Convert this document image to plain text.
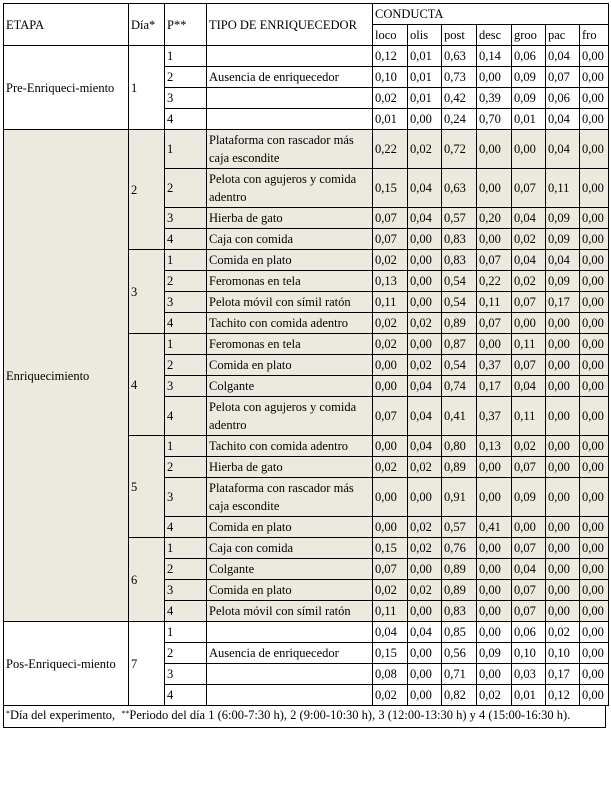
ETAPA	Día*	P**	TIPO DE ENRIQUECEDOR	CONDUCTA						
				loco	olis	post	desc	groo	pac	fro
Pre-Enriqueci-miento	1	1		0,12	0,01	0,63	0,14	0,06	0,04	0,00
		2	Ausencia de enriquecedor	0,10	0,01	0,73	0,00	0,09	0,07	0,00
		3		0,02	0,01	0,42	0,39	0,09	0,06	0,00
		4		0,01	0,00	0,24	0,70	0,01	0,04	0,00
Enriquecimiento	2	1	Plataforma con rascador más caja escondite	0,22	0,02	0,72	0,00	0,00	0,04	0,00
		2	Pelota con agujeros y comida adentro	0,15	0,04	0,63	0,00	0,07	0,11	0,00
		3	Hierba de gato	0,07	0,04	0,57	0,20	0,04	0,09	0,00
		4	Caja con comida	0,07	0,00	0,83	0,00	0,02	0,09	0,00
	3	1	Comida en plato	0,02	0,00	0,83	0,07	0,04	0,04	0,00
		2	Feromonas en tela	0,13	0,00	0,54	0,22	0,02	0,09	0,00
		3	Pelota móvil con símil ratón	0,11	0,00	0,54	0,11	0,07	0,17	0,00
		4	Tachito con comida adentro	0,02	0,02	0,89	0,07	0,00	0,00	0,00
	4	1	Feromonas en tela	0,02	0,00	0,87	0,00	0,11	0,00	0,00
		2	Comida en plato	0,00	0,02	0,54	0,37	0,07	0,00	0,00
		3	Colgante	0,00	0,04	0,74	0,17	0,04	0,00	0,00
		4	Pelota con agujeros y comida adentro	0,07	0,04	0,41	0,37	0,11	0,00	0,00
	5	1	Tachito con comida adentro	0,00	0,04	0,80	0,13	0,02	0,00	0,00
		2	Hierba de gato	0,02	0,02	0,89	0,00	0,07	0,00	0,00
		3	Plataforma con rascador más caja escondite	0,00	0,00	0,91	0,00	0,09	0,00	0,00
		4	Comida en plato	0,00	0,02	0,57	0,41	0,00	0,00	0,00
	6	1	Caja con comida	0,15	0,02	0,76	0,00	0,07	0,00	0,00
		2	Colgante	0,07	0,00	0,89	0,00	0,04	0,00	0,00
		3	Comida en plato	0,02	0,02	0,89	0,00	0,07	0,00	0,00
		4	Pelota móvil con símil ratón	0,11	0,00	0,83	0,00	0,07	0,00	0,00
Pos-Enriqueci-miento	7	1		0,04	0,04	0,85	0,00	0,06	0,02	0,00
		2	Ausencia de enriquecedor	0,15	0,00	0,56	0,09	0,10	0,10	0,00
		3		0,08	0,00	0,71	0,00	0,03	0,17	0,00
		4		0,02	0,00	0,82	0,02	0,01	0,12	0,00
*Día del experimento, **Periodo del día 1 (6:00-7:30 h), 2 (9:00-10:30 h), 3 (12:00-13:30 h) y 4 (15:00-16:30 h).
